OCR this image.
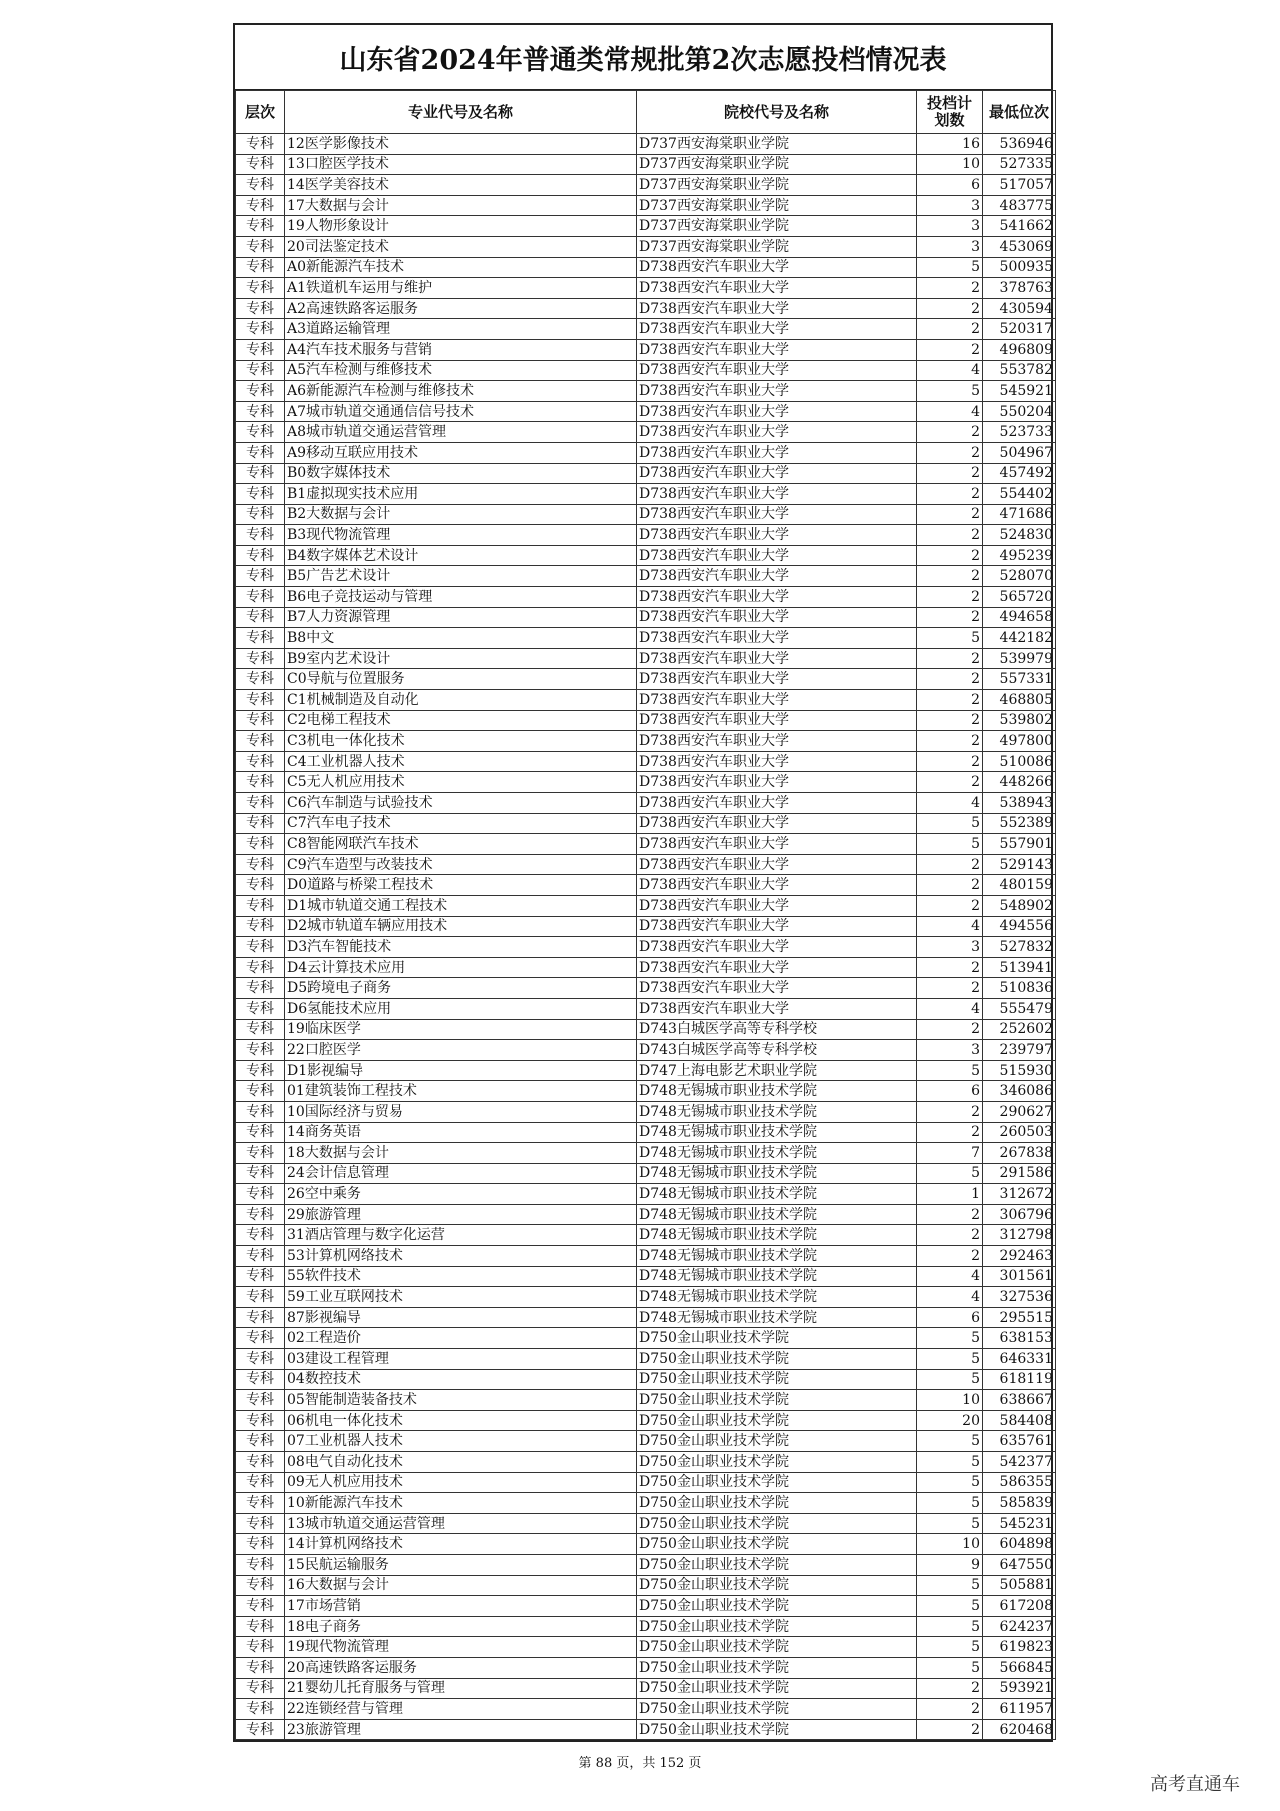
山东省2024年普通类常规批第2次志愿投档情况表
层次	专业代号及名称	院校代号及名称	投档计划数	最低位次
专科	12医学影像技术	D737西安海棠职业学院	16	536946
专科	13口腔医学技术	D737西安海棠职业学院	10	527335
专科	14医学美容技术	D737西安海棠职业学院	6	517057
专科	17大数据与会计	D737西安海棠职业学院	3	483775
专科	19人物形象设计	D737西安海棠职业学院	3	541662
专科	20司法鉴定技术	D737西安海棠职业学院	3	453069
专科	A0新能源汽车技术	D738西安汽车职业大学	5	500935
专科	A1铁道机车运用与维护	D738西安汽车职业大学	2	378763
专科	A2高速铁路客运服务	D738西安汽车职业大学	2	430594
专科	A3道路运输管理	D738西安汽车职业大学	2	520317
专科	A4汽车技术服务与营销	D738西安汽车职业大学	2	496809
专科	A5汽车检测与维修技术	D738西安汽车职业大学	4	553782
专科	A6新能源汽车检测与维修技术	D738西安汽车职业大学	5	545921
专科	A7城市轨道交通通信信号技术	D738西安汽车职业大学	4	550204
专科	A8城市轨道交通运营管理	D738西安汽车职业大学	2	523733
专科	A9移动互联应用技术	D738西安汽车职业大学	2	504967
专科	B0数字媒体技术	D738西安汽车职业大学	2	457492
专科	B1虚拟现实技术应用	D738西安汽车职业大学	2	554402
专科	B2大数据与会计	D738西安汽车职业大学	2	471686
专科	B3现代物流管理	D738西安汽车职业大学	2	524830
专科	B4数字媒体艺术设计	D738西安汽车职业大学	2	495239
专科	B5广告艺术设计	D738西安汽车职业大学	2	528070
专科	B6电子竞技运动与管理	D738西安汽车职业大学	2	565720
专科	B7人力资源管理	D738西安汽车职业大学	2	494658
专科	B8中文	D738西安汽车职业大学	5	442182
专科	B9室内艺术设计	D738西安汽车职业大学	2	539979
专科	C0导航与位置服务	D738西安汽车职业大学	2	557331
专科	C1机械制造及自动化	D738西安汽车职业大学	2	468805
专科	C2电梯工程技术	D738西安汽车职业大学	2	539802
专科	C3机电一体化技术	D738西安汽车职业大学	2	497800
专科	C4工业机器人技术	D738西安汽车职业大学	2	510086
专科	C5无人机应用技术	D738西安汽车职业大学	2	448266
专科	C6汽车制造与试验技术	D738西安汽车职业大学	4	538943
专科	C7汽车电子技术	D738西安汽车职业大学	5	552389
专科	C8智能网联汽车技术	D738西安汽车职业大学	5	557901
专科	C9汽车造型与改装技术	D738西安汽车职业大学	2	529143
专科	D0道路与桥梁工程技术	D738西安汽车职业大学	2	480159
专科	D1城市轨道交通工程技术	D738西安汽车职业大学	2	548902
专科	D2城市轨道车辆应用技术	D738西安汽车职业大学	4	494556
专科	D3汽车智能技术	D738西安汽车职业大学	3	527832
专科	D4云计算技术应用	D738西安汽车职业大学	2	513941
专科	D5跨境电子商务	D738西安汽车职业大学	2	510836
专科	D6氢能技术应用	D738西安汽车职业大学	4	555479
专科	19临床医学	D743白城医学高等专科学校	2	252602
专科	22口腔医学	D743白城医学高等专科学校	3	239797
专科	D1影视编导	D747上海电影艺术职业学院	5	515930
专科	01建筑装饰工程技术	D748无锡城市职业技术学院	6	346086
专科	10国际经济与贸易	D748无锡城市职业技术学院	2	290627
专科	14商务英语	D748无锡城市职业技术学院	2	260503
专科	18大数据与会计	D748无锡城市职业技术学院	7	267838
专科	24会计信息管理	D748无锡城市职业技术学院	5	291586
专科	26空中乘务	D748无锡城市职业技术学院	1	312672
专科	29旅游管理	D748无锡城市职业技术学院	2	306796
专科	31酒店管理与数字化运营	D748无锡城市职业技术学院	2	312798
专科	53计算机网络技术	D748无锡城市职业技术学院	2	292463
专科	55软件技术	D748无锡城市职业技术学院	4	301561
专科	59工业互联网技术	D748无锡城市职业技术学院	4	327536
专科	87影视编导	D748无锡城市职业技术学院	6	295515
专科	02工程造价	D750金山职业技术学院	5	638153
专科	03建设工程管理	D750金山职业技术学院	5	646331
专科	04数控技术	D750金山职业技术学院	5	618119
专科	05智能制造装备技术	D750金山职业技术学院	10	638667
专科	06机电一体化技术	D750金山职业技术学院	20	584408
专科	07工业机器人技术	D750金山职业技术学院	5	635761
专科	08电气自动化技术	D750金山职业技术学院	5	542377
专科	09无人机应用技术	D750金山职业技术学院	5	586355
专科	10新能源汽车技术	D750金山职业技术学院	5	585839
专科	13城市轨道交通运营管理	D750金山职业技术学院	5	545231
专科	14计算机网络技术	D750金山职业技术学院	10	604898
专科	15民航运输服务	D750金山职业技术学院	9	647550
专科	16大数据与会计	D750金山职业技术学院	5	505881
专科	17市场营销	D750金山职业技术学院	5	617208
专科	18电子商务	D750金山职业技术学院	5	624237
专科	19现代物流管理	D750金山职业技术学院	5	619823
专科	20高速铁路客运服务	D750金山职业技术学院	5	566845
专科	21婴幼儿托育服务与管理	D750金山职业技术学院	2	593921
专科	22连锁经营与管理	D750金山职业技术学院	2	611957
专科	23旅游管理	D750金山职业技术学院	2	620468
第 88 页，共 152 页
高考直通车
